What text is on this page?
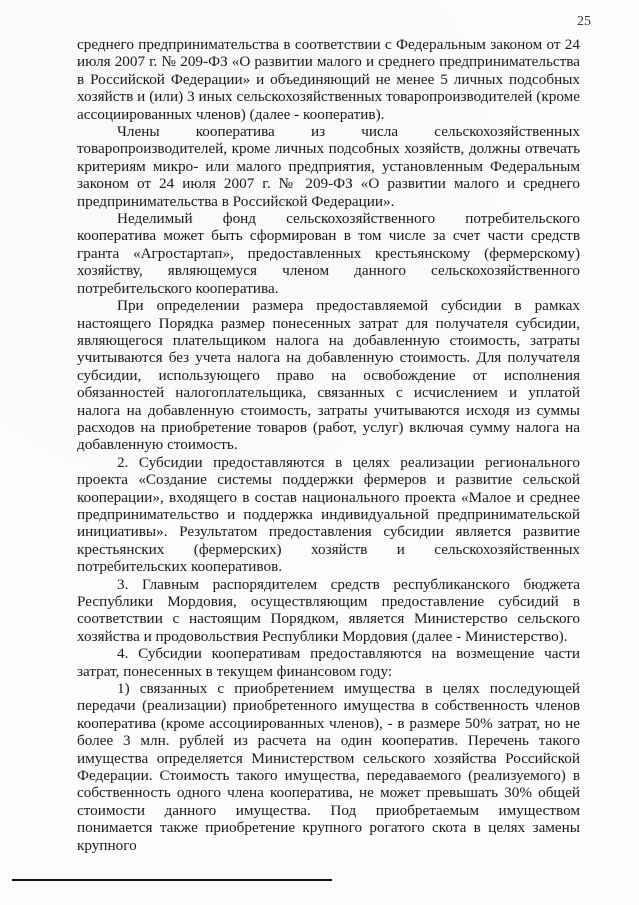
25

среднего предпринимательства в соответствии с Федеральным законом от 24 июля 2007 г. № 209-ФЗ «О развитии малого и среднего предпринимательства в Российской Федерации» и объединяющий не менее 5 личных подсобных хозяйств и (или) 3 иных сельскохозяйственных товаропроизводителей (кроме ассоциированных членов) (далее - кооператив).

Члены кооператива из числа сельскохозяйственных товаропроизводителей, кроме личных подсобных хозяйств, должны отвечать критериям микро- или малого предприятия, установленным Федеральным законом от 24 июля 2007 г. № 209-ФЗ «О развитии малого и среднего предпринимательства в Российской Федерации».

Неделимый фонд сельскохозяйственного потребительского кооператива может быть сформирован в том числе за счет части средств гранта «Агростартап», предоставленных крестьянскому (фермерскому) хозяйству, являющемуся членом данного сельскохозяйственного потребительского кооператива.

При определении размера предоставляемой субсидии в рамках настоящего Порядка размер понесенных затрат для получателя субсидии, являющегося плательщиком налога на добавленную стоимость, затраты учитываются без учета налога на добавленную стоимость. Для получателя субсидии, использующего право на освобождение от исполнения обязанностей налогоплательщика, связанных с исчислением и уплатой налога на добавленную стоимость, затраты учитываются исходя из суммы расходов на приобретение товаров (работ, услуг) включая сумму налога на добавленную стоимость.

2. Субсидии предоставляются в целях реализации регионального проекта «Создание системы поддержки фермеров и развитие сельской кооперации», входящего в состав национального проекта «Малое и среднее предпринимательство и поддержка индивидуальной предпринимательской инициативы». Результатом предоставления субсидии является развитие крестьянских (фермерских) хозяйств и сельскохозяйственных потребительских кооперативов.

3. Главным распорядителем средств республиканского бюджета Республики Мордовия, осуществляющим предоставление субсидий в соответствии с настоящим Порядком, является Министерство сельского хозяйства и продовольствия Республики Мордовия (далее - Министерство).

4. Субсидии кооперативам предоставляются на возмещение части затрат, понесенных в текущем финансовом году:

1) связанных с приобретением имущества в целях последующей передачи (реализации) приобретенного имущества в собственность членов кооператива (кроме ассоциированных членов), - в размере 50% затрат, но не более 3 млн. рублей из расчета на один кооператив. Перечень такого имущества определяется Министерством сельского хозяйства Российской Федерации. Стоимость такого имущества, передаваемого (реализуемого) в собственность одного члена кооператива, не может превышать 30% общей стоимости данного имущества. Под приобретаемым имуществом понимается также приобретение крупного рогатого скота в целях замены крупного
